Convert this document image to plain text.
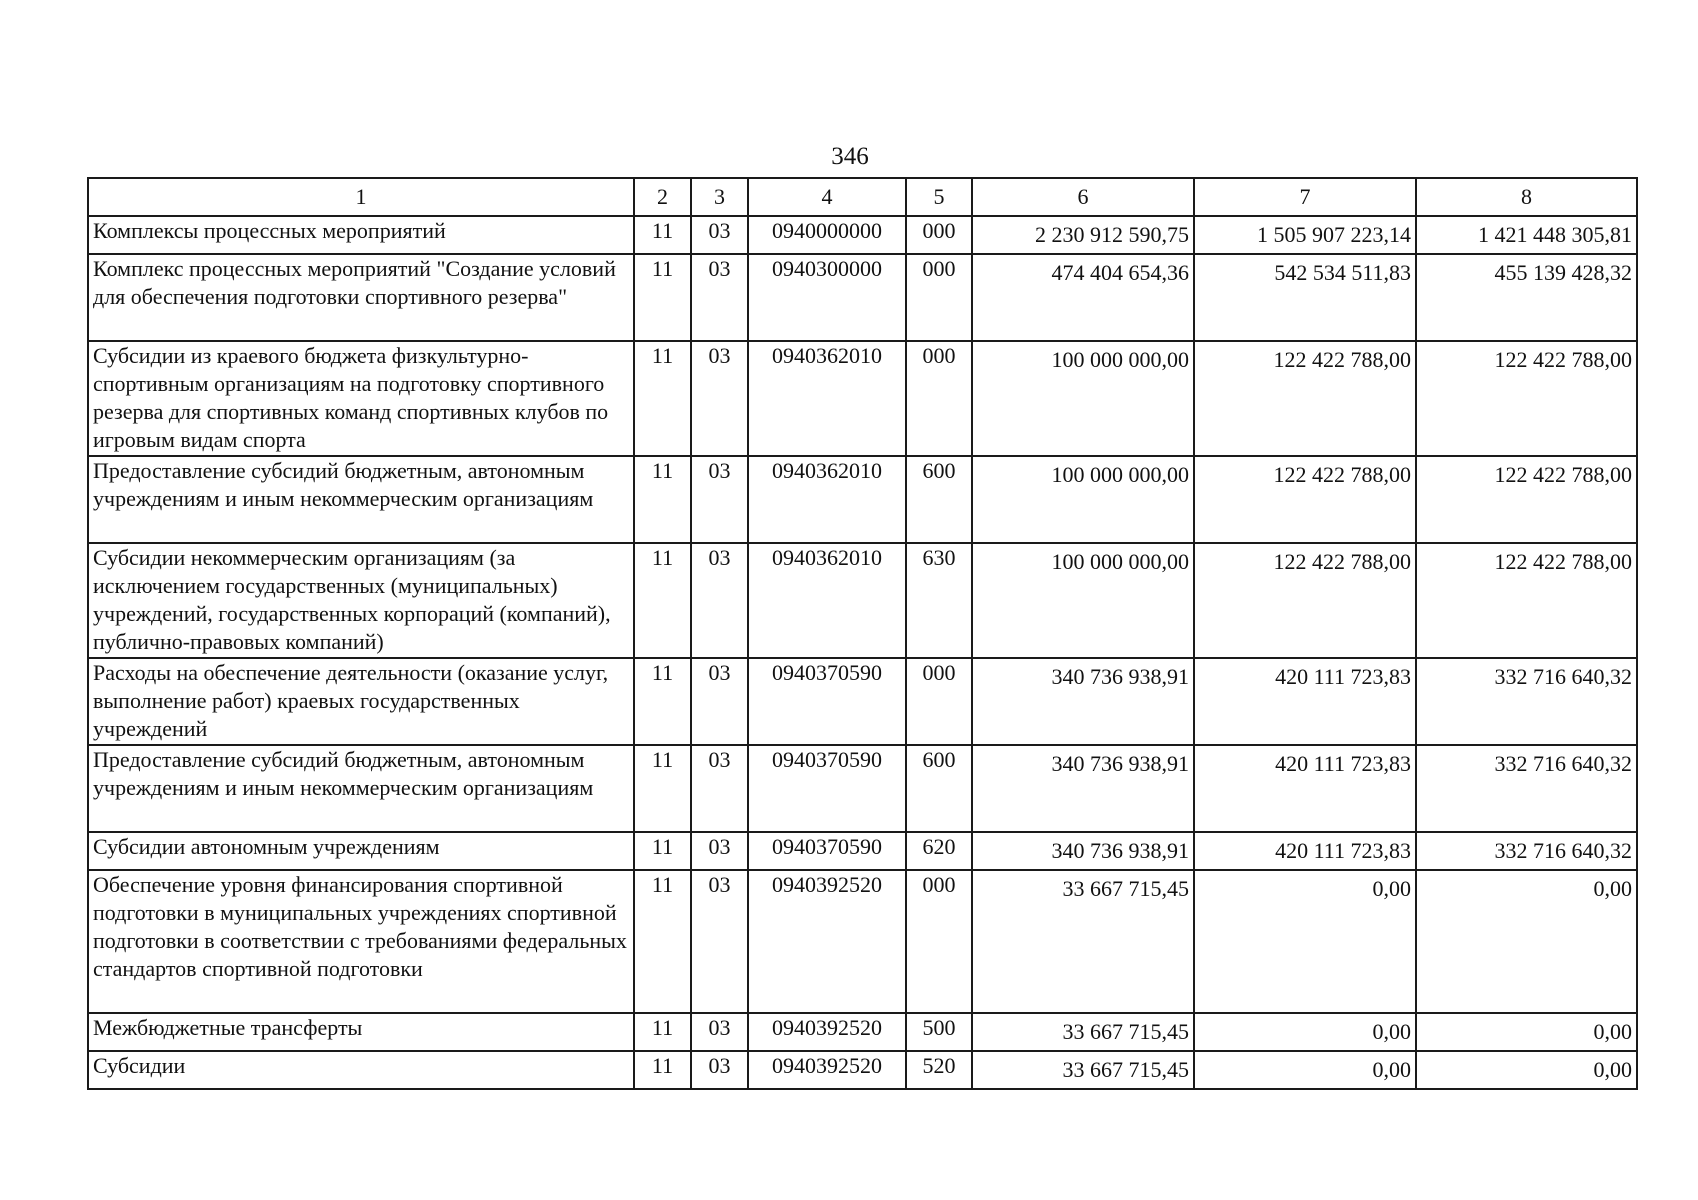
346
1	2	3	4	5	6	7	8
Комплексы процессных мероприятий	11	03	0940000000	000	2 230 912 590,75	1 505 907 223,14	1 421 448 305,81
Комплекс процессных мероприятий "Создание условий для обеспечения подготовки спортивного резерва"	11	03	0940300000	000	474 404 654,36	542 534 511,83	455 139 428,32
Субсидии из краевого бюджета физкультурно-спортивным организациям на подготовку спортивного резерва для спортивных команд спортивных клубов по игровым видам спорта	11	03	0940362010	000	100 000 000,00	122 422 788,00	122 422 788,00
Предоставление субсидий бюджетным, автономным учреждениям и иным некоммерческим организациям	11	03	0940362010	600	100 000 000,00	122 422 788,00	122 422 788,00
Субсидии некоммерческим организациям (за исключением государственных (муниципальных) учреждений, государственных корпораций (компаний), публично-правовых компаний)	11	03	0940362010	630	100 000 000,00	122 422 788,00	122 422 788,00
Расходы на обеспечение деятельности (оказание услуг, выполнение работ) краевых государственных учреждений	11	03	0940370590	000	340 736 938,91	420 111 723,83	332 716 640,32
Предоставление субсидий бюджетным, автономным учреждениям и иным некоммерческим организациям	11	03	0940370590	600	340 736 938,91	420 111 723,83	332 716 640,32
Субсидии автономным учреждениям	11	03	0940370590	620	340 736 938,91	420 111 723,83	332 716 640,32
Обеспечение уровня финансирования спортивной подготовки в муниципальных учреждениях спортивной подготовки в соответствии с требованиями федеральных стандартов спортивной подготовки	11	03	0940392520	000	33 667 715,45	0,00	0,00
Межбюджетные трансферты	11	03	0940392520	500	33 667 715,45	0,00	0,00
Субсидии	11	03	0940392520	520	33 667 715,45	0,00	0,00
